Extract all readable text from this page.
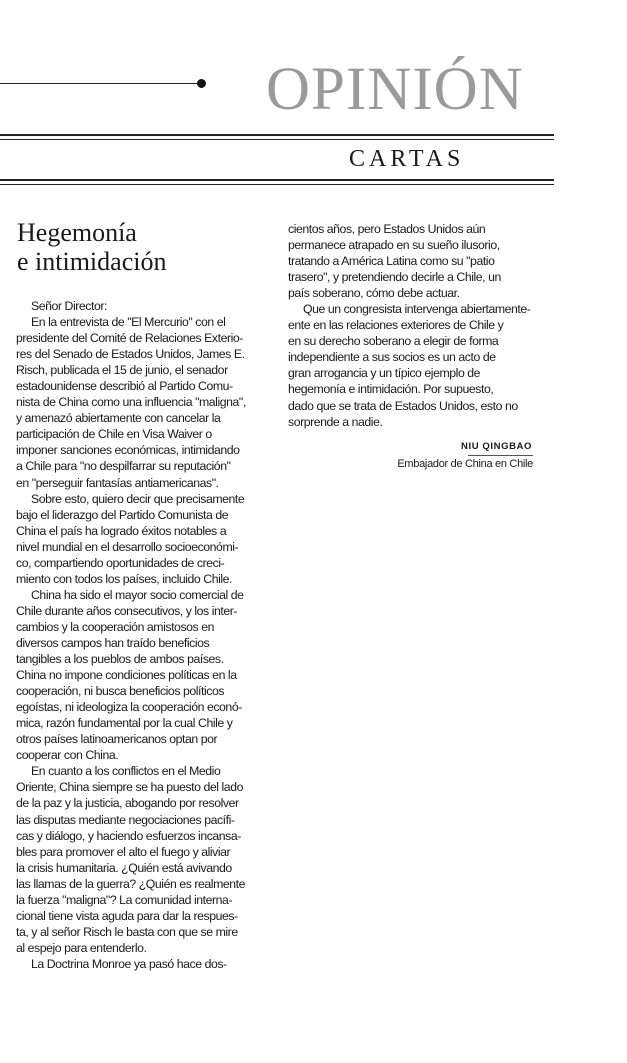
OPINIÓN
CARTAS
Hegemonía
e intimidación
Señor Director:
En la entrevista de "El Mercurio" con el
presidente del Comité de Relaciones Exterio-
res del Senado de Estados Unidos, James E.
Risch, publicada el 15 de junio, el senador
estadounidense describió al Partido Comu-
nista de China como una influencia "maligna",
y amenazó abiertamente con cancelar la
participación de Chile en Visa Waiver o
imponer sanciones económicas, intimidando
a Chile para "no despilfarrar su reputación"
en "perseguir fantasías antiamericanas".
Sobre esto, quiero decir que precisamente
bajo el liderazgo del Partido Comunista de
China el país ha logrado éxitos notables a
nivel mundial en el desarrollo socioeconómi-
co, compartiendo oportunidades de creci-
miento con todos los países, incluido Chile.
China ha sido el mayor socio comercial de
Chile durante años consecutivos, y los inter-
cambios y la cooperación amistosos en
diversos campos han traído beneficios
tangibles a los pueblos de ambos países.
China no impone condiciones políticas en la
cooperación, ni busca beneficios políticos
egoístas, ni ideologiza la cooperación econó-
mica, razón fundamental por la cual Chile y
otros países latinoamericanos optan por
cooperar con China.
En cuanto a los conflictos en el Medio
Oriente, China siempre se ha puesto del lado
de la paz y la justicia, abogando por resolver
las disputas mediante negociaciones pacífi-
cas y diálogo, y haciendo esfuerzos incansa-
bles para promover el alto el fuego y aliviar
la crisis humanitaria. ¿Quién está avivando
las llamas de la guerra? ¿Quién es realmente
la fuerza "maligna"? La comunidad interna-
cional tiene vista aguda para dar la respues-
ta, y al señor Risch le basta con que se mire
al espejo para entenderlo.
La Doctrina Monroe ya pasó hace dos-
cientos años, pero Estados Unidos aún
permanece atrapado en su sueño ilusorio,
tratando a América Latina como su "patio
trasero", y pretendiendo decirle a Chile, un
país soberano, cómo debe actuar.
Que un congresista intervenga abiertamente-
ente en las relaciones exteriores de Chile y
en su derecho soberano a elegir de forma
independiente a sus socios es un acto de
gran arrogancia y un típico ejemplo de
hegemonía e intimidación. Por supuesto,
dado que se trata de Estados Unidos, esto no
sorprende a nadie.
NIU QINGBAO
Embajador de China en Chile
